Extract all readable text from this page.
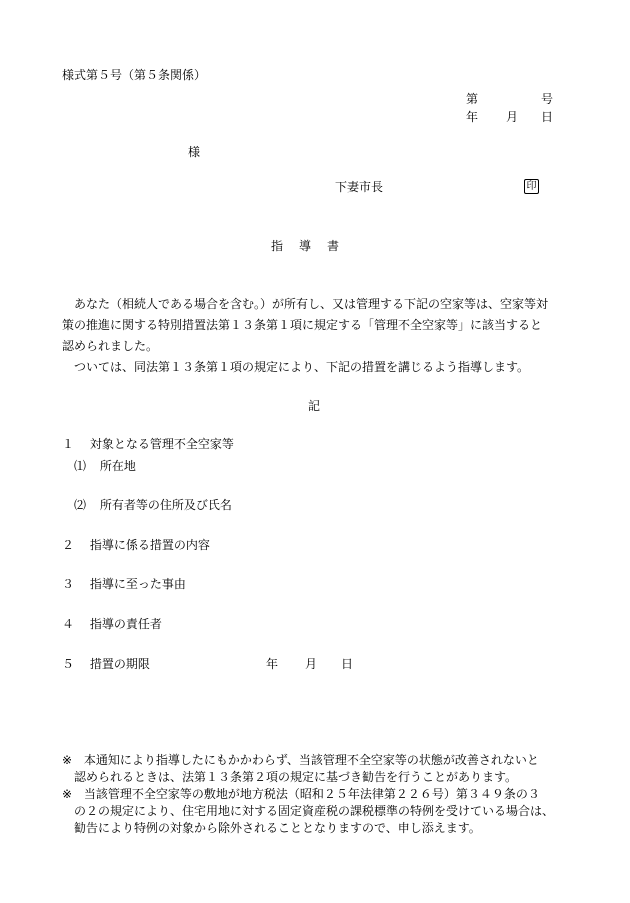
様式第５号（第５条関係）
第	号
年 月 日
様
下妻市長	印
指　導　書
あなた（相続人である場合を含む。）が所有し、又は管理する下記の空家等は、空家等対
策の推進に関する特別措置法第１３条第１項に規定する「管理不全空家等」に該当すると
認められました。
ついては、同法第１３条第１項の規定により、下記の措置を講じるよう指導します。
記
１ 対象となる管理不全空家等
⑴ 所在地
⑵ 所有者等の住所及び氏名
２ 指導に係る措置の内容
３ 指導に至った事由
４ 指導の責任者
５ 措置の期限	年 月 日
※ 本通知により指導したにもかかわらず、当該管理不全空家等の状態が改善されないと
認められるときは、法第１３条第２項の規定に基づき勧告を行うことがあります。
※ 当該管理不全空家等の敷地が地方税法（昭和２５年法律第２２６号）第３４９条の３
の２の規定により、住宅用地に対する固定資産税の課税標準の特例を受けている場合は、
勧告により特例の対象から除外されることとなりますので、申し添えます。
